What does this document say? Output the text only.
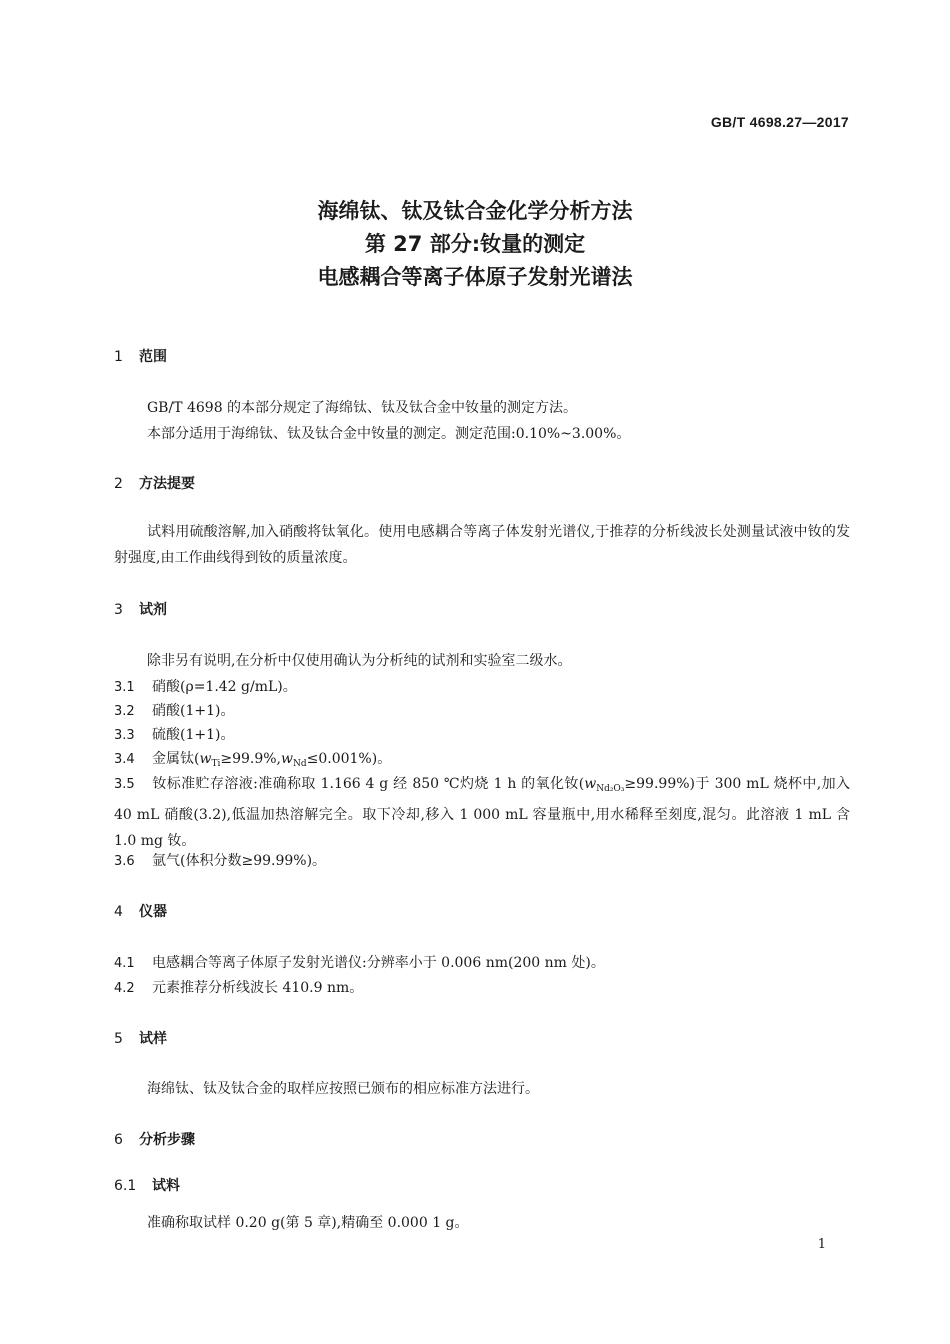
GB/T 4698.27—2017
海绵钛、钛及钛合金化学分析方法
第 27 部分:钕量的测定
电感耦合等离子体原子发射光谱法
1 范围
GB/T 4698 的本部分规定了海绵钛、钛及钛合金中钕量的测定方法。
本部分适用于海绵钛、钛及钛合金中钕量的测定。测定范围:0.10%~3.00%。
2 方法提要
试料用硫酸溶解,加入硝酸将钛氧化。使用电感耦合等离子体发射光谱仪,于推荐的分析线波长处测量试液中钕的发射强度,由工作曲线得到钕的质量浓度。
3 试剂
除非另有说明,在分析中仅使用确认为分析纯的试剂和实验室二级水。
3.1 硝酸(ρ=1.42 g/mL)。
3.2 硝酸(1+1)。
3.3 硫酸(1+1)。
3.4 金属钛$(w_{Ti}\ge 99.9\%,w_{Nd}\le 0.001\%)$。
3.5 钕标准贮存溶液:准确称取 1.166 4 g 经 850 ℃灼烧 1 h 的氧化钕$(w_{Nd_2O_3}\ge 99.99\%)$于 300 mL 烧杯中,加入 40 mL 硝酸(3.2),低温加热溶解完全。取下冷却,移入 1 000 mL 容量瓶中,用水稀释至刻度,混匀。此溶液 1 mL 含 1.0 mg 钕。
3.6 氩气(体积分数≥99.99%)。
4 仪器
4.1 电感耦合等离子体原子发射光谱仪:分辨率小于 0.006 nm(200 nm 处)。
4.2 元素推荐分析线波长 410.9 nm。
5 试样
海绵钛、钛及钛合金的取样应按照已颁布的相应标准方法进行。
6 分析步骤
6.1 试料
准确称取试样 0.20 g(第 5 章),精确至 0.000 1 g。
1
